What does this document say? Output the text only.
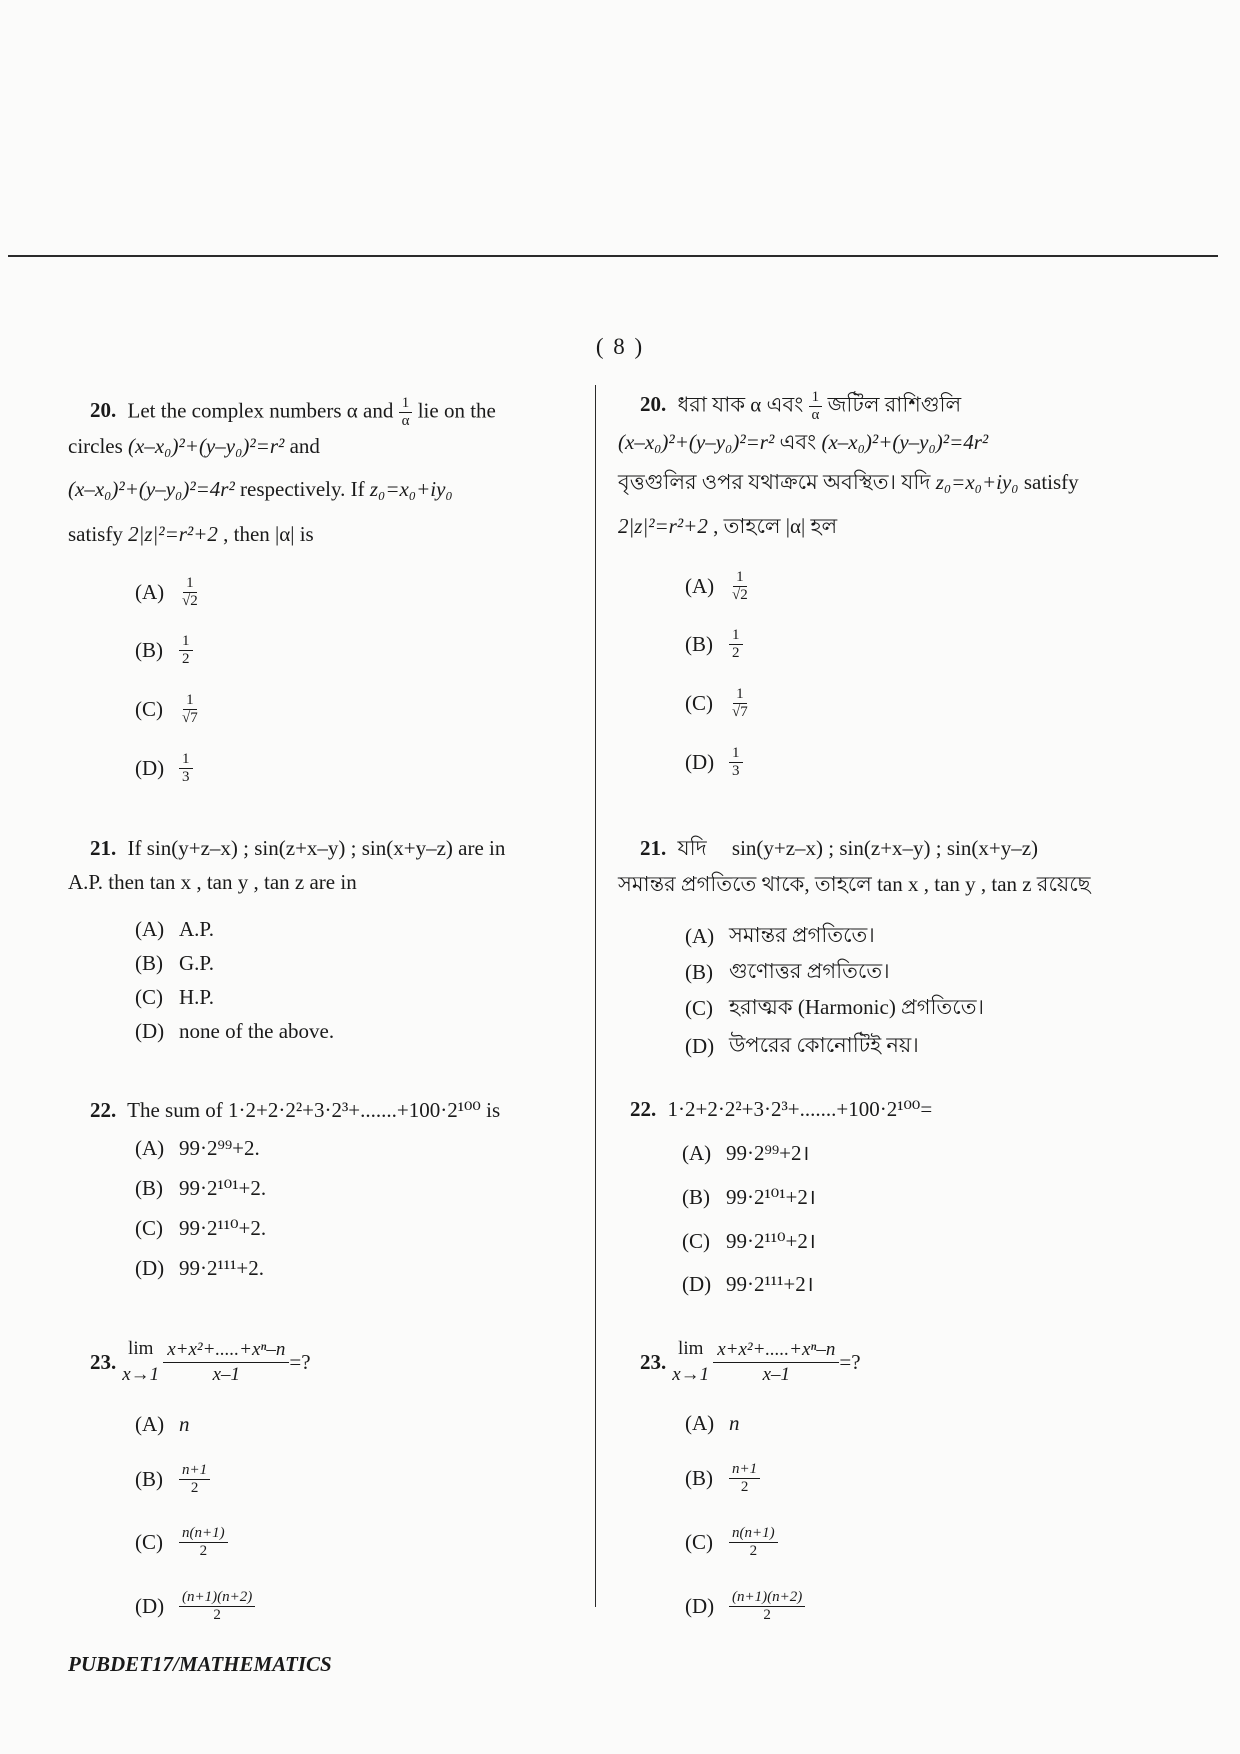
( 8 )
20. Let the complex numbers α and $\frac{1}{\alpha}$ lie on the
circles (x–x₀)²+(y–y₀)²=r² and
(x–x₀)²+(y–y₀)²=4r² respectively. If z₀=x₀+iy₀
satisfy 2|z|²=r²+2 , then |α| is
$(A) \frac{1}{√2}$
(B)	$\frac{1}{2}$
(C)	$\frac{1}{√7}$
$(D) \frac{1}{3}$
21. If sin(y+z–x) ; sin(z+x–y) ; sin(x+y–z) are in
A.P. then tan x , tan y , tan z are in
(A) A.P.
(B) G.P.
(C) H.P.
(D) none of the above.
22. The sum of 1·2+2·2²+3·2³+.......+100·2¹⁰⁰ is
(A) 99·2⁹⁹+2.
(B) 99·2¹⁰¹+2.
(C) 99·2¹¹⁰+2.
(D) 99·2¹¹¹+2.
23.
lim
$x\to 1 \frac{\text{x+x²+.....+xⁿ–n}}{x-1}$ =?
(A) n
(B)	$\frac{n+1}{2}$
(C)	$\frac{n(n+1)}{2}$
$(D) \frac{(n+1)(n+2)}{2}$
20. ধরা যাক α এবং $\frac{1}{\alpha}$ জটিল রাশিগুলি
(x–x₀)²+(y–y₀)²=r² এবং (x–x₀)²+(y–y₀)²=4r²
বৃত্তগুলির ওপর যথাক্রমে অবস্থিত। যদি z₀=x₀+iy₀ satisfy
2|z|²=r²+2 , তাহলে |α| হল
$(A) \frac{1}{√2}$
(B)	$\frac{1}{2}$
(C)	$\frac{1}{√7}$
$(D) \frac{1}{3}$
21. যদি sin(y+z–x) ; sin(z+x–y) ; sin(x+y–z)
সমান্তর প্রগতিতে থাকে, তাহলে tan x , tan y , tan z রয়েছে
(A) সমান্তর প্রগতিতে।
(B) গুণোত্তর প্রগতিতে।
(C) হরাত্মক (Harmonic) প্রগতিতে।
(D) উপরের কোনোটিই নয়।
22. 1·2+2·2²+3·2³+.......+100·2¹⁰⁰=
(A) 99·2⁹⁹+2।
(B) 99·2¹⁰¹+2।
(C) 99·2¹¹⁰+2।
(D) 99·2¹¹¹+2।
23.
lim
$x\to 1 \frac{\text{x+x²+.....+xⁿ–n}}{x-1}$ =?
(A) n
(B)	$\frac{n+1}{2}$
(C)	$\frac{n(n+1)}{2}$
$(D) \frac{(n+1)(n+2)}{2}$
PUBDET17/MATHEMATICS
